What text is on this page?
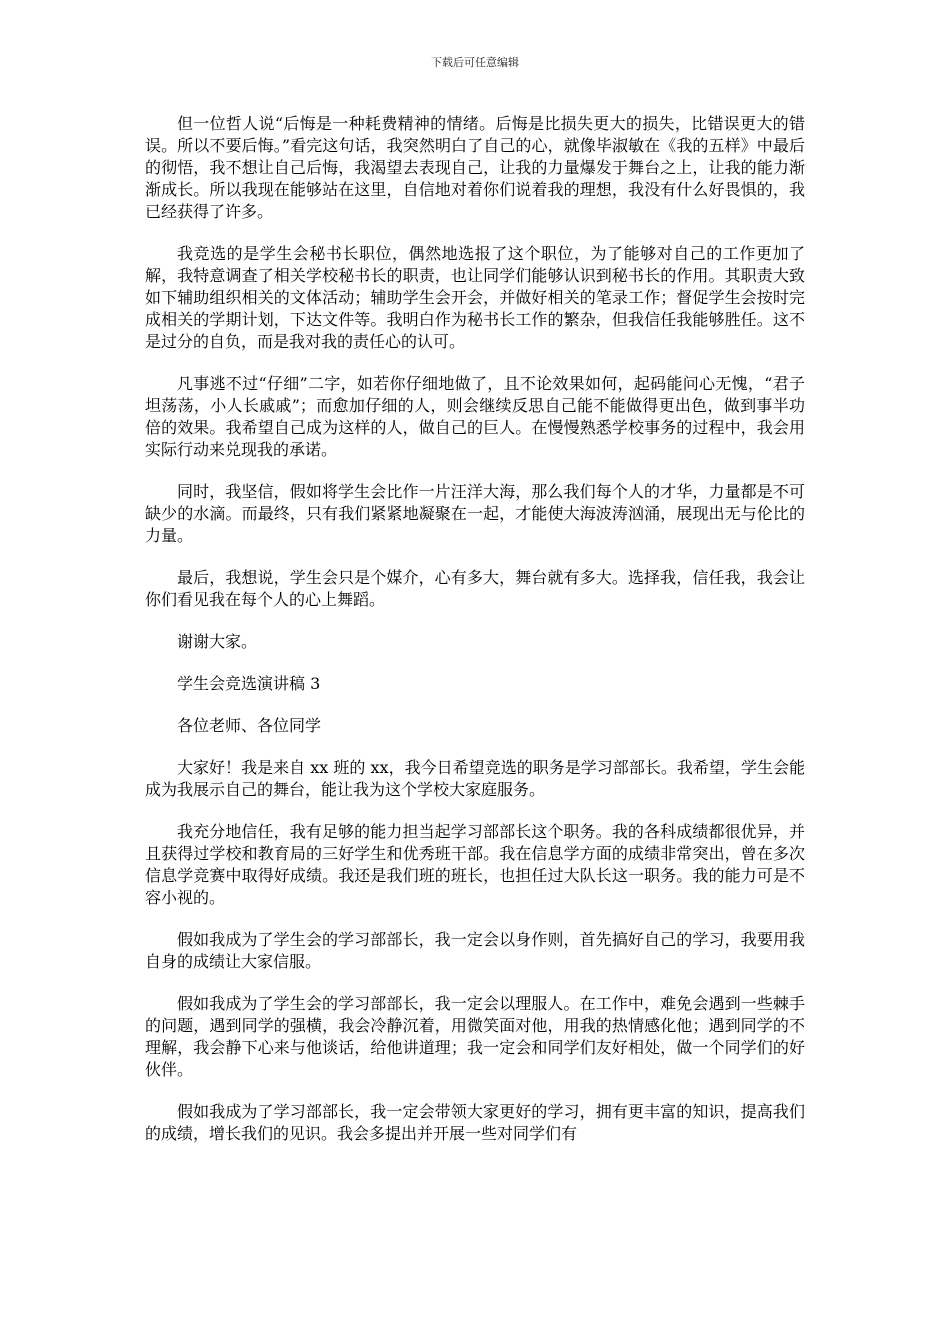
下载后可任意编辑

但一位哲人说“后悔是一种耗费精神的情绪。后悔是比损失更大的损失，比错误更大的错误。所以不要后悔。”看完这句话，我突然明白了自己的心，就像毕淑敏在《我的五样》中最后的彻悟，我不想让自己后悔，我渴望去表现自己，让我的力量爆发于舞台之上，让我的能力渐渐成长。所以我现在能够站在这里，自信地对着你们说着我的理想，我没有什么好畏惧的，我已经获得了许多。

我竞选的是学生会秘书长职位，偶然地选报了这个职位，为了能够对自己的工作更加了解，我特意调查了相关学校秘书长的职责，也让同学们能够认识到秘书长的作用。其职责大致如下辅助组织相关的文体活动；辅助学生会开会，并做好相关的笔录工作；督促学生会按时完成相关的学期计划，下达文件等。我明白作为秘书长工作的繁杂，但我信任我能够胜任。这不是过分的自负，而是我对我的责任心的认可。

凡事逃不过“仔细”二字，如若你仔细地做了，且不论效果如何，起码能问心无愧，“君子坦荡荡，小人长戚戚”；而愈加仔细的人，则会继续反思自己能不能做得更出色，做到事半功倍的效果。我希望自己成为这样的人，做自己的巨人。在慢慢熟悉学校事务的过程中，我会用实际行动来兑现我的承诺。

同时，我坚信，假如将学生会比作一片汪洋大海，那么我们每个人的才华，力量都是不可缺少的水滴。而最终，只有我们紧紧地凝聚在一起，才能使大海波涛汹涌，展现出无与伦比的力量。

最后，我想说，学生会只是个媒介，心有多大，舞台就有多大。选择我，信任我，我会让你们看见我在每个人的心上舞蹈。

谢谢大家。

学生会竞选演讲稿 3

各位老师、各位同学

大家好！我是来自 xx 班的 xx，我今日希望竞选的职务是学习部部长。我希望，学生会能成为我展示自己的舞台，能让我为这个学校大家庭服务。

我充分地信任，我有足够的能力担当起学习部部长这个职务。我的各科成绩都很优异，并且获得过学校和教育局的三好学生和优秀班干部。我在信息学方面的成绩非常突出，曾在多次信息学竞赛中取得好成绩。我还是我们班的班长，也担任过大队长这一职务。我的能力可是不容小视的。

假如我成为了学生会的学习部部长，我一定会以身作则，首先搞好自己的学习，我要用我自身的成绩让大家信服。

假如我成为了学生会的学习部部长，我一定会以理服人。在工作中，难免会遇到一些棘手的问题，遇到同学的强横，我会冷静沉着，用微笑面对他，用我的热情感化他；遇到同学的不理解，我会静下心来与他谈话，给他讲道理；我一定会和同学们友好相处，做一个同学们的好伙伴。

假如我成为了学习部部长，我一定会带领大家更好的学习，拥有更丰富的知识，提高我们的成绩，增长我们的见识。我会多提出并开展一些对同学们有
